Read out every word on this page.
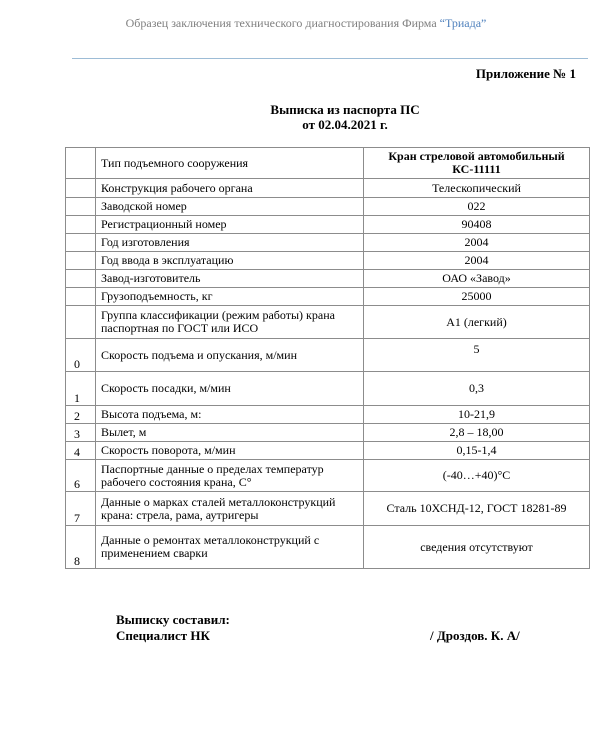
Образец заключения технического диагностирования Фирма “Триада”
Приложение № 1
Выписка из паспорта ПС
от 02.04.2021 г.
	Тип подъемного сооружения	Кран стреловой автомобильный КС-11111
	Конструкция рабочего органа	Телескопический
	Заводской номер	022
	Регистрационный номер	90408
	Год изготовления	2004
	Год ввода в эксплуатацию	2004
	Завод-изготовитель	ОАО «Завод»
	Грузоподъемность, кг	25000
	Группа классификации (режим работы) крана паспортная по ГОСТ или ИСО	А1 (легкий)
0	Скорость подъема и опускания, м/мин	5
1	Скорость посадки, м/мин	0,3
2	Высота подъема, м:	10-21,9
3	Вылет, м	2,8 – 18,00
4	Скорость поворота, м/мин	0,15-1,4
6	Паспортные данные о пределах температур рабочего состояния крана, С°	(-40…+40)°С
7	Данные о марках сталей металлоконструкций крана: стрела, рама, аутригеры	Сталь 10ХСНД-12, ГОСТ 18281-89
8	Данные о ремонтах металлоконструкций с применением сварки	сведения отсутствуют
Выписку составил:
Специалист НК	/ Дроздов. К. А/
